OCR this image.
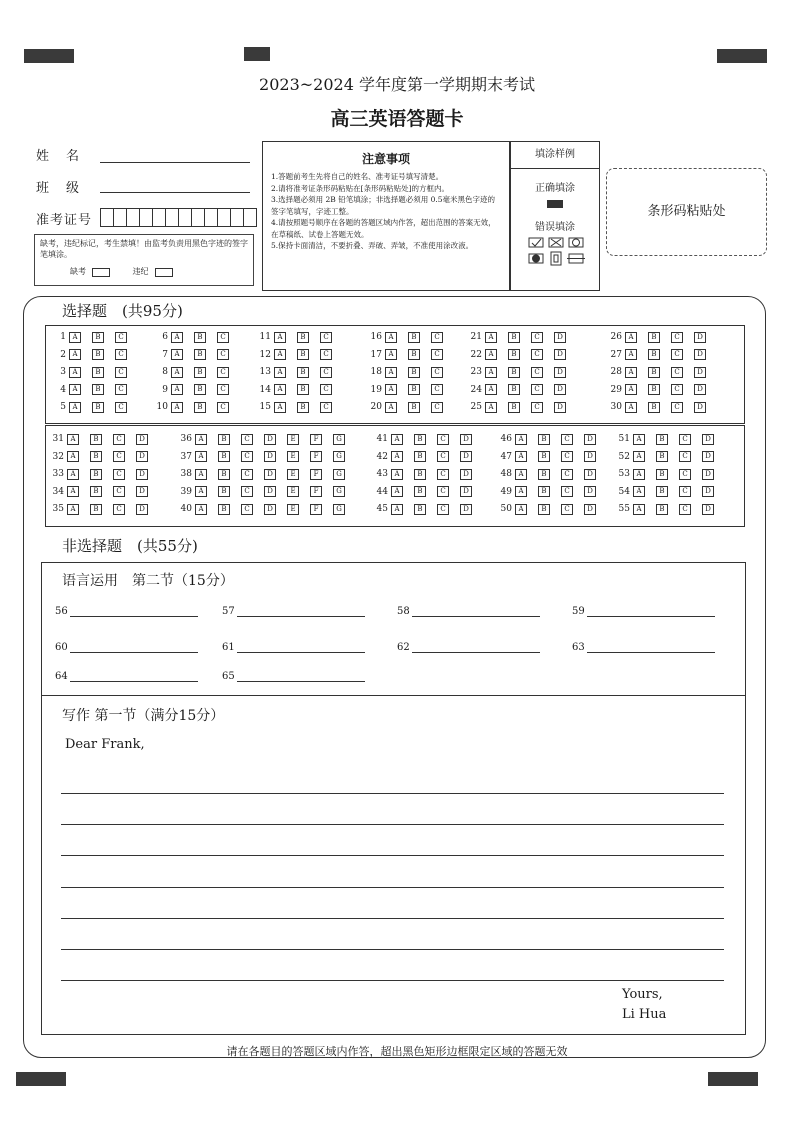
2023~2024 学年度第一学期期末考试
高三英语答题卡
姓　名
班　级
准考证号
缺考，违纪标记，考生禁填！由监考负责用黑色字迹的签字笔填涂。
缺考	违纪
注意事项

1.答题前考生先将自己的姓名、准考证号填写清楚。

2.请将准考证条形码粘贴在[条形码粘贴处]的方框内。

3.选择题必须用 2B 铅笔填涂；非选择题必须用 0.5毫米黑色字迹的签字笔填写，字迹工整。

4.请按照题号顺序在各题的答题区域内作答，超出范围的答案无效，在草稿纸、试卷上答题无效。

5.保持卡面清洁，不要折叠、弄破、弄皱，不准使用涂改液。

填涂样例
正确填涂
错误填涂
条形码粘贴处
选择题　(共95分)
1 A	B	C
2 A	B	C
3 A	B	C
4 A	B	C
5 A	B	C
6 A	B	C
7 A	B	C
8 A	B	C
9 A	B	C
10 A	B	C
11 A	B	C
12 A	B	C
13 A	B	C
14 A	B	C
15 A	B	C
16 A	B	C
17 A	B	C
18 A	B	C
19 A	B	C
20 A	B	C
21 A	B	C	D
22 A	B	C	D
23 A	B	C	D
24 A	B	C	D
25 A	B	C	D
26 A	B	C	D
27 A	B	C	D
28 A	B	C	D
29 A	B	C	D
30 A	B	C	D
31 A	B	C	D
32 A	B	C	D
33 A	B	C	D
34 A	B	C	D
35 A	B	C	D
36 A	B	C	D	E	F	G
37 A	B	C	D	E	F	G
38 A	B	C	D	E	F	G
39 A	B	C	D	E	F	G
40 A	B	C	D	E	F	G
41 A	B	C	D
42 A	B	C	D
43 A	B	C	D
44 A	B	C	D
45 A	B	C	D
46 A	B	C	D
47 A	B	C	D
48 A	B	C	D
49 A	B	C	D
50 A	B	C	D
51 A	B	C	D
52 A	B	C	D
53 A	B	C	D
54 A	B	C	D
55 A	B	C	D
非选择题　(共55分)
语言运用　第二节（15分）
56	57	58	59
60	61	62	63
64	65
写作 第一节（满分15分）
Dear Frank,
Yours,
Li Hua
请在各题目的答题区域内作答，超出黑色矩形边框限定区域的答题无效
